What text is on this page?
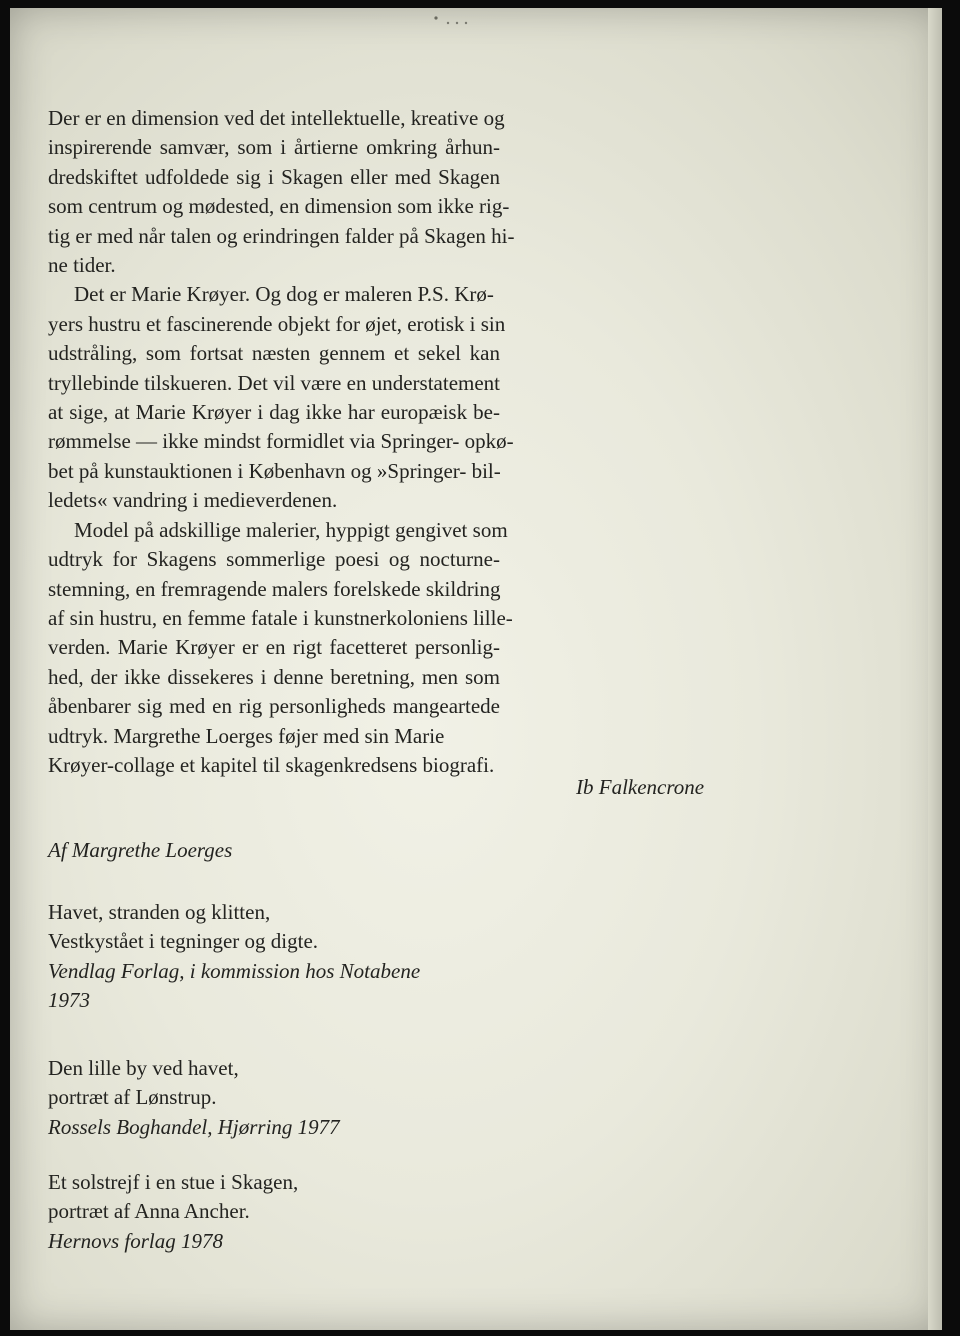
Der er en dimension ved det intellektuelle, kreative og
inspirerende samvær, som i årtierne omkring århun-
dredskiftet udfoldede sig i Skagen eller med Skagen
som centrum og mødested, en dimension som ikke rig-
tig er med når talen og erindringen falder på Skagen hi-
ne tider.
Det er Marie Krøyer. Og dog er maleren P.S. Krø-
yers hustru et fascinerende objekt for øjet, erotisk i sin
udstråling, som fortsat næsten gennem et sekel kan
tryllebinde tilskueren. Det vil være en understatement
at sige, at Marie Krøyer i dag ikke har europæisk be-
rømmelse — ikke mindst formidlet via Springer- opkø-
bet på kunstauktionen i København og »Springer- bil-
ledets« vandring i medieverdenen.
Model på adskillige malerier, hyppigt gengivet som
udtryk for Skagens sommerlige poesi og nocturne-
stemning, en fremragende malers forelskede skildring
af sin hustru, en femme fatale i kunstnerkoloniens lille-
verden. Marie Krøyer er en rigt facetteret personlig-
hed, der ikke dissekeres i denne beretning, men som
åbenbarer sig med en rig personligheds mangeartede
udtryk. Margrethe Loerges føjer med sin Marie
Krøyer-collage et kapitel til skagenkredsens biografi.
Ib Falkencrone
Af Margrethe Loerges
Havet, stranden og klitten,
Vestkystået i tegninger og digte.
Vendlag Forlag, i kommission hos Notabene
1973
Den lille by ved havet,
portræt af Lønstrup.
Rossels Boghandel, Hjørring 1977
Et solstrejf i en stue i Skagen,
portræt af Anna Ancher.
Hernovs forlag 1978
